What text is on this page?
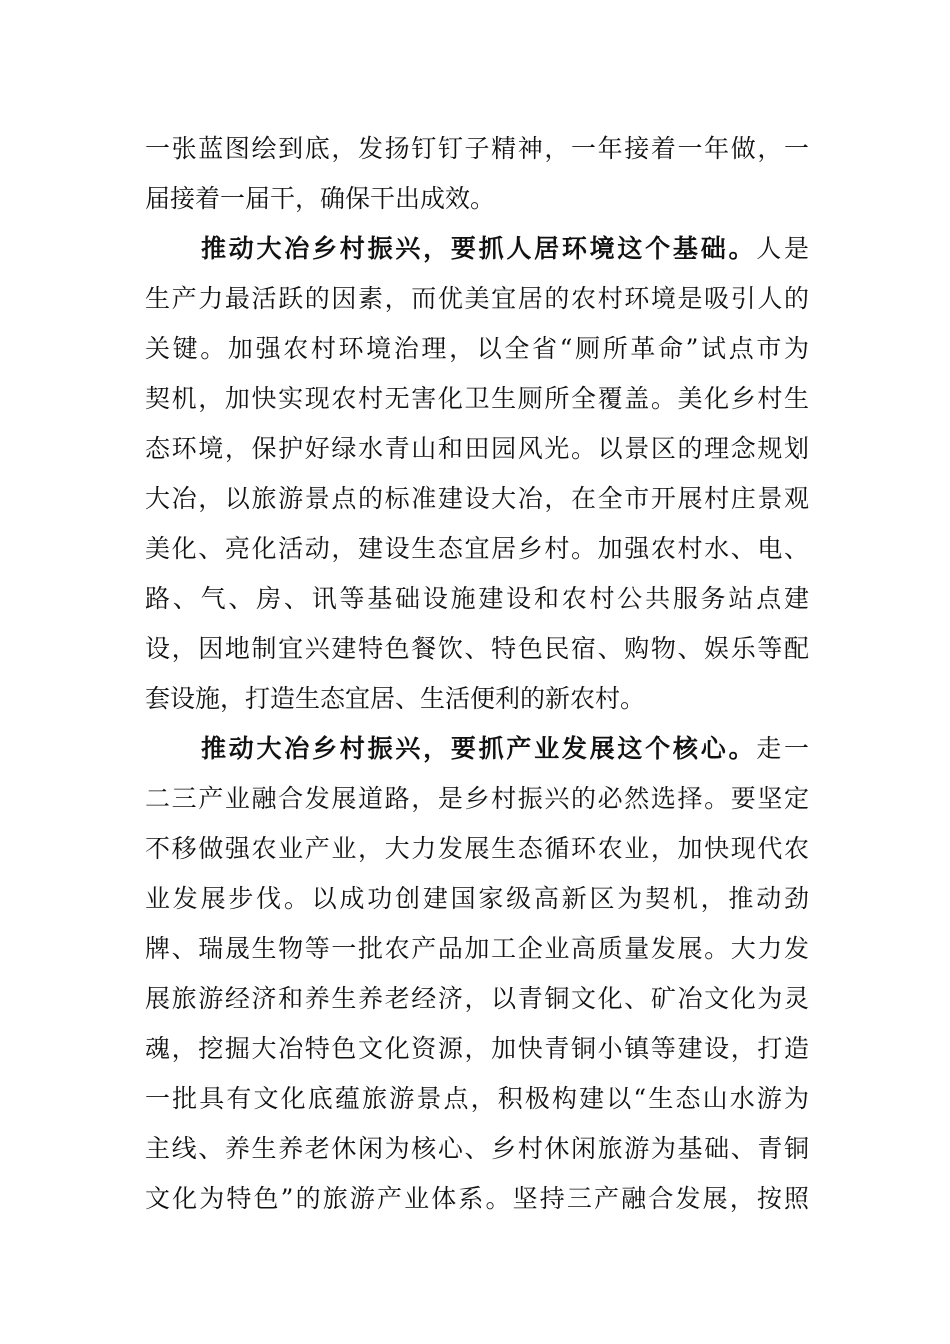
一张蓝图绘到底，发扬钉钉子精神，一年接着一年做，一
届接着一届干，确保干出成效。
推动大冶乡村振兴，要抓人居环境这个基础。人是
生产力最活跃的因素，而优美宜居的农村环境是吸引人的
关键。加强农村环境治理，以全省“厕所革命”试点市为
契机，加快实现农村无害化卫生厕所全覆盖。美化乡村生
态环境，保护好绿水青山和田园风光。以景区的理念规划
大冶，以旅游景点的标准建设大冶，在全市开展村庄景观
美化、亮化活动，建设生态宜居乡村。加强农村水、电、
路、气、房、讯等基础设施建设和农村公共服务站点建
设，因地制宜兴建特色餐饮、特色民宿、购物、娱乐等配
套设施，打造生态宜居、生活便利的新农村。
推动大冶乡村振兴，要抓产业发展这个核心。走一
二三产业融合发展道路，是乡村振兴的必然选择。要坚定
不移做强农业产业，大力发展生态循环农业，加快现代农
业发展步伐。以成功创建国家级高新区为契机，推动劲
牌、瑞晟生物等一批农产品加工企业高质量发展。大力发
展旅游经济和养生养老经济，以青铜文化、矿冶文化为灵
魂，挖掘大冶特色文化资源，加快青铜小镇等建设，打造
一批具有文化底蕴旅游景点，积极构建以“生态山水游为
主线、养生养老休闲为核心、乡村休闲旅游为基础、青铜
文化为特色”的旅游产业体系。坚持三产融合发展，按照
